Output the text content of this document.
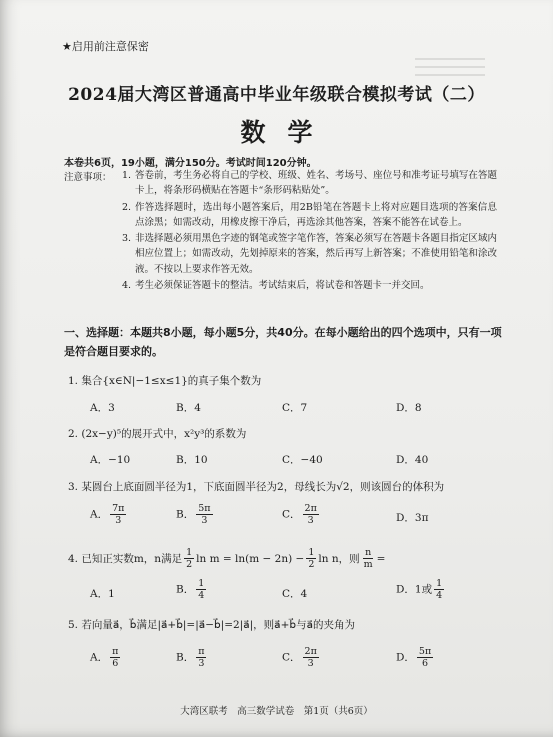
★启用前注意保密
2024届大湾区普通高中毕业年级联合模拟考试（二）
数学
本卷共6页，19小题，满分150分。考试时间120分钟。
注意事项： 1. 答卷前，考生务必将自己的学校、班级、姓名、考场号、座位号和准考证号填写在答题卡上，将条形码横贴在答题卡“条形码粘贴处”。
2. 作答选择题时，选出每小题答案后，用2B铅笔在答题卡上将对应题目选项的答案信息点涂黑；如需改动，用橡皮擦干净后，再选涂其他答案，答案不能答在试卷上。
3. 非选择题必须用黑色字迹的钢笔或签字笔作答，答案必须写在答题卡各题目指定区域内相应位置上；如需改动，先划掉原来的答案，然后再写上新答案；不准使用铅笔和涂改液。不按以上要求作答无效。
4. 考生必须保证答题卡的整洁。考试结束后，将试卷和答题卡一并交回。
一、选择题：本题共8小题，每小题5分，共40分。在每小题给出的四个选项中，只有一项是符合题目要求的。
1. 集合{x∈N|−1≤x≤1}的真子集个数为
A．3	B．4	C．7	D．8
2. (2x−y)⁵的展开式中，x²y³的系数为
A．−10	B．10	C．−40	D．40
3. 某圆台上底面圆半径为1，下底面圆半径为2，母线长为√2，则该圆台的体积为
A． $\frac{7\pi}{3}$	B． $\frac{5\pi}{3}$	C． $\frac{2\pi}{3}$	D．3π
4. 已知正实数m，n满足 $\frac{1}{2}$ $\ln m = \ln(m - 2n) - \frac{1}{2}$ ln n，则 $\frac{n}{m}$ =
A．1	B． $\frac{1}{4}$	C．4	D．1或 $\frac{1}{4}$
5. 若向量a⃗，b⃗满足|a⃗+b⃗|=|a⃗−b⃗|=2|a⃗|，则a⃗+b⃗与a⃗的夹角为
A． $\frac{\pi}{6}$	B． $\frac{\pi}{3}$	C． $\frac{2\pi}{3}$	D． $\frac{5\pi}{6}$
大湾区联考　高三数学试卷　第1页（共6页）
